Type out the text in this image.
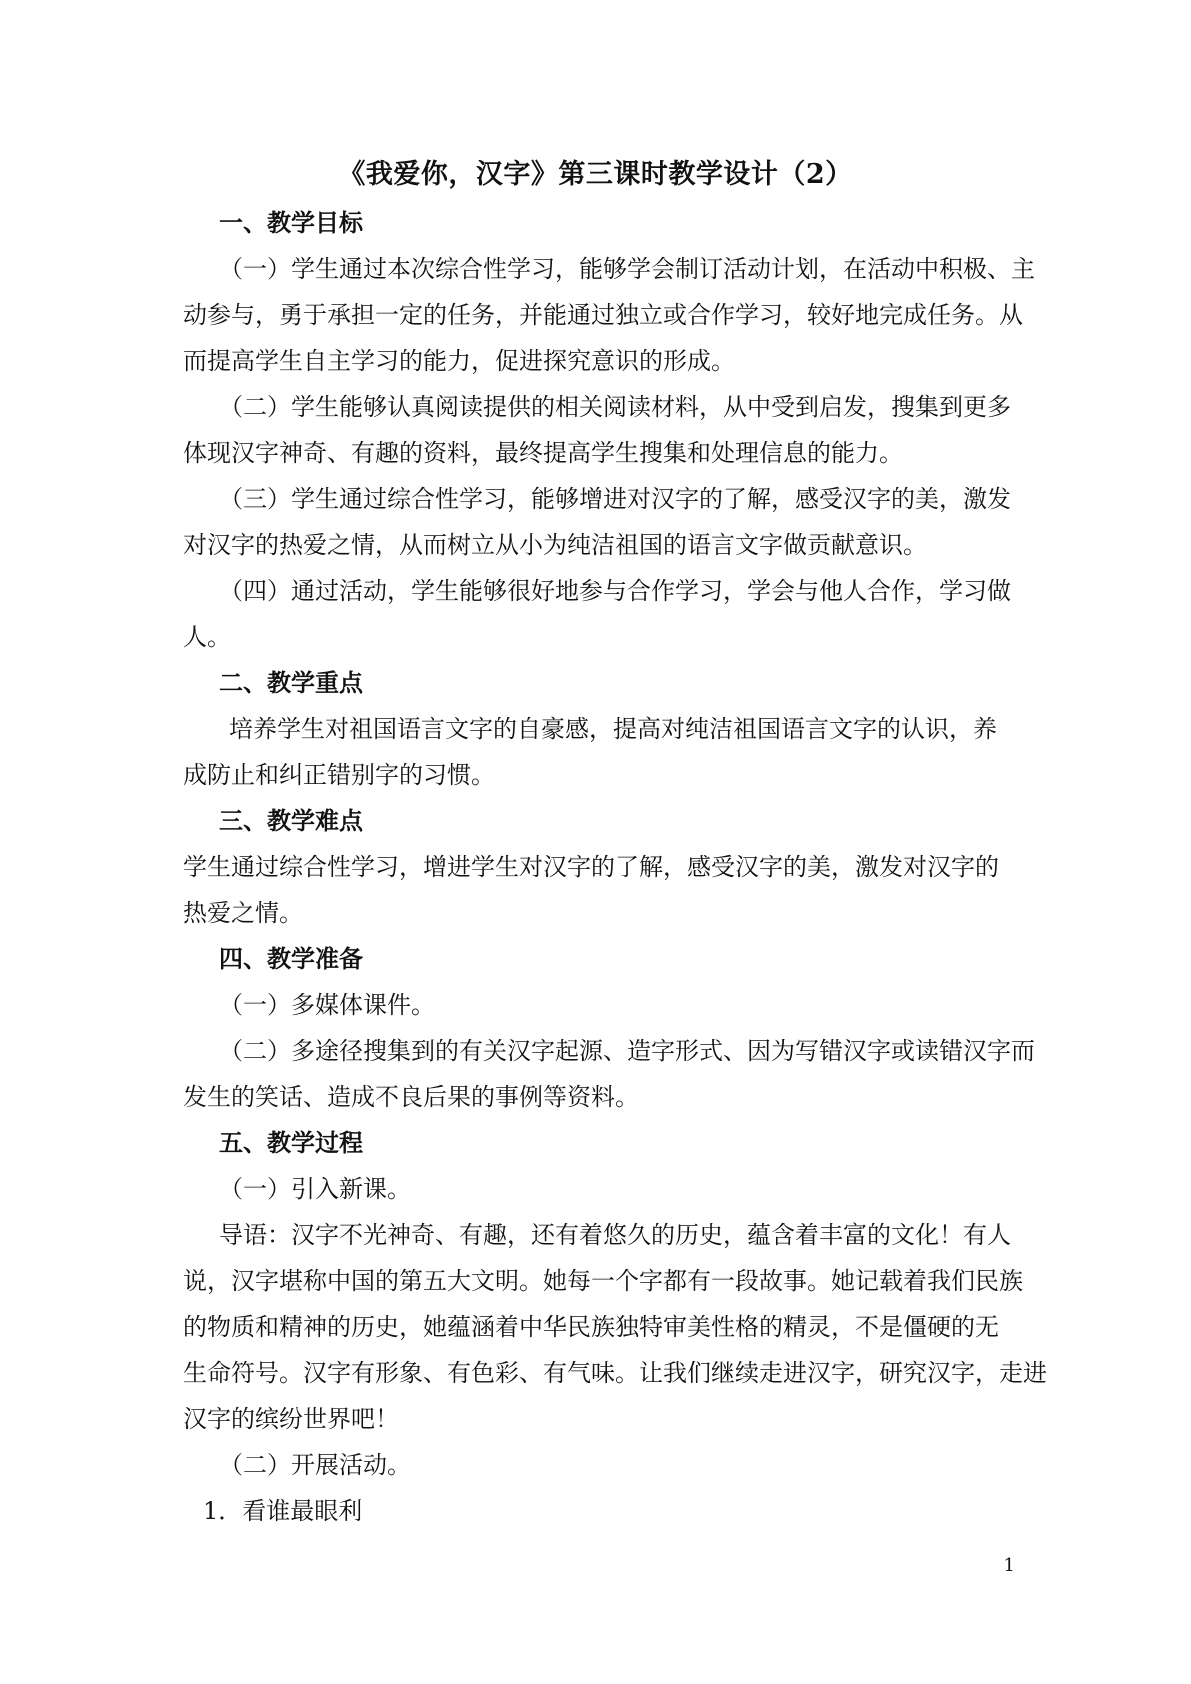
《我爱你，汉字》第三课时教学设计（2）
一、教学目标
（一）学生通过本次综合性学习，能够学会制订活动计划，在活动中积极、主
动参与，勇于承担一定的任务，并能通过独立或合作学习，较好地完成任务。从
而提高学生自主学习的能力，促进探究意识的形成。
（二）学生能够认真阅读提供的相关阅读材料，从中受到启发，搜集到更多
体现汉字神奇、有趣的资料，最终提高学生搜集和处理信息的能力。
（三）学生通过综合性学习，能够增进对汉字的了解，感受汉字的美，激发
对汉字的热爱之情，从而树立从小为纯洁祖国的语言文字做贡献意识。
（四）通过活动，学生能够很好地参与合作学习，学会与他人合作，学习做
人。
二、教学重点
培养学生对祖国语言文字的自豪感，提高对纯洁祖国语言文字的认识，养
成防止和纠正错别字的习惯。
三、教学难点
学生通过综合性学习，增进学生对汉字的了解，感受汉字的美，激发对汉字的
热爱之情。
四、教学准备
（一）多媒体课件。
（二）多途径搜集到的有关汉字起源、造字形式、因为写错汉字或读错汉字而
发生的笑话、造成不良后果的事例等资料。
五、教学过程
（一）引入新课。
导语：汉字不光神奇、有趣，还有着悠久的历史，蕴含着丰富的文化！有人
说，汉字堪称中国的第五大文明。她每一个字都有一段故事。她记载着我们民族
的物质和精神的历史，她蕴涵着中华民族独特审美性格的精灵，不是僵硬的无
生命符号。汉字有形象、有色彩、有气味。让我们继续走进汉字，研究汉字，走进
汉字的缤纷世界吧！
（二）开展活动。
1．看谁最眼利
1
